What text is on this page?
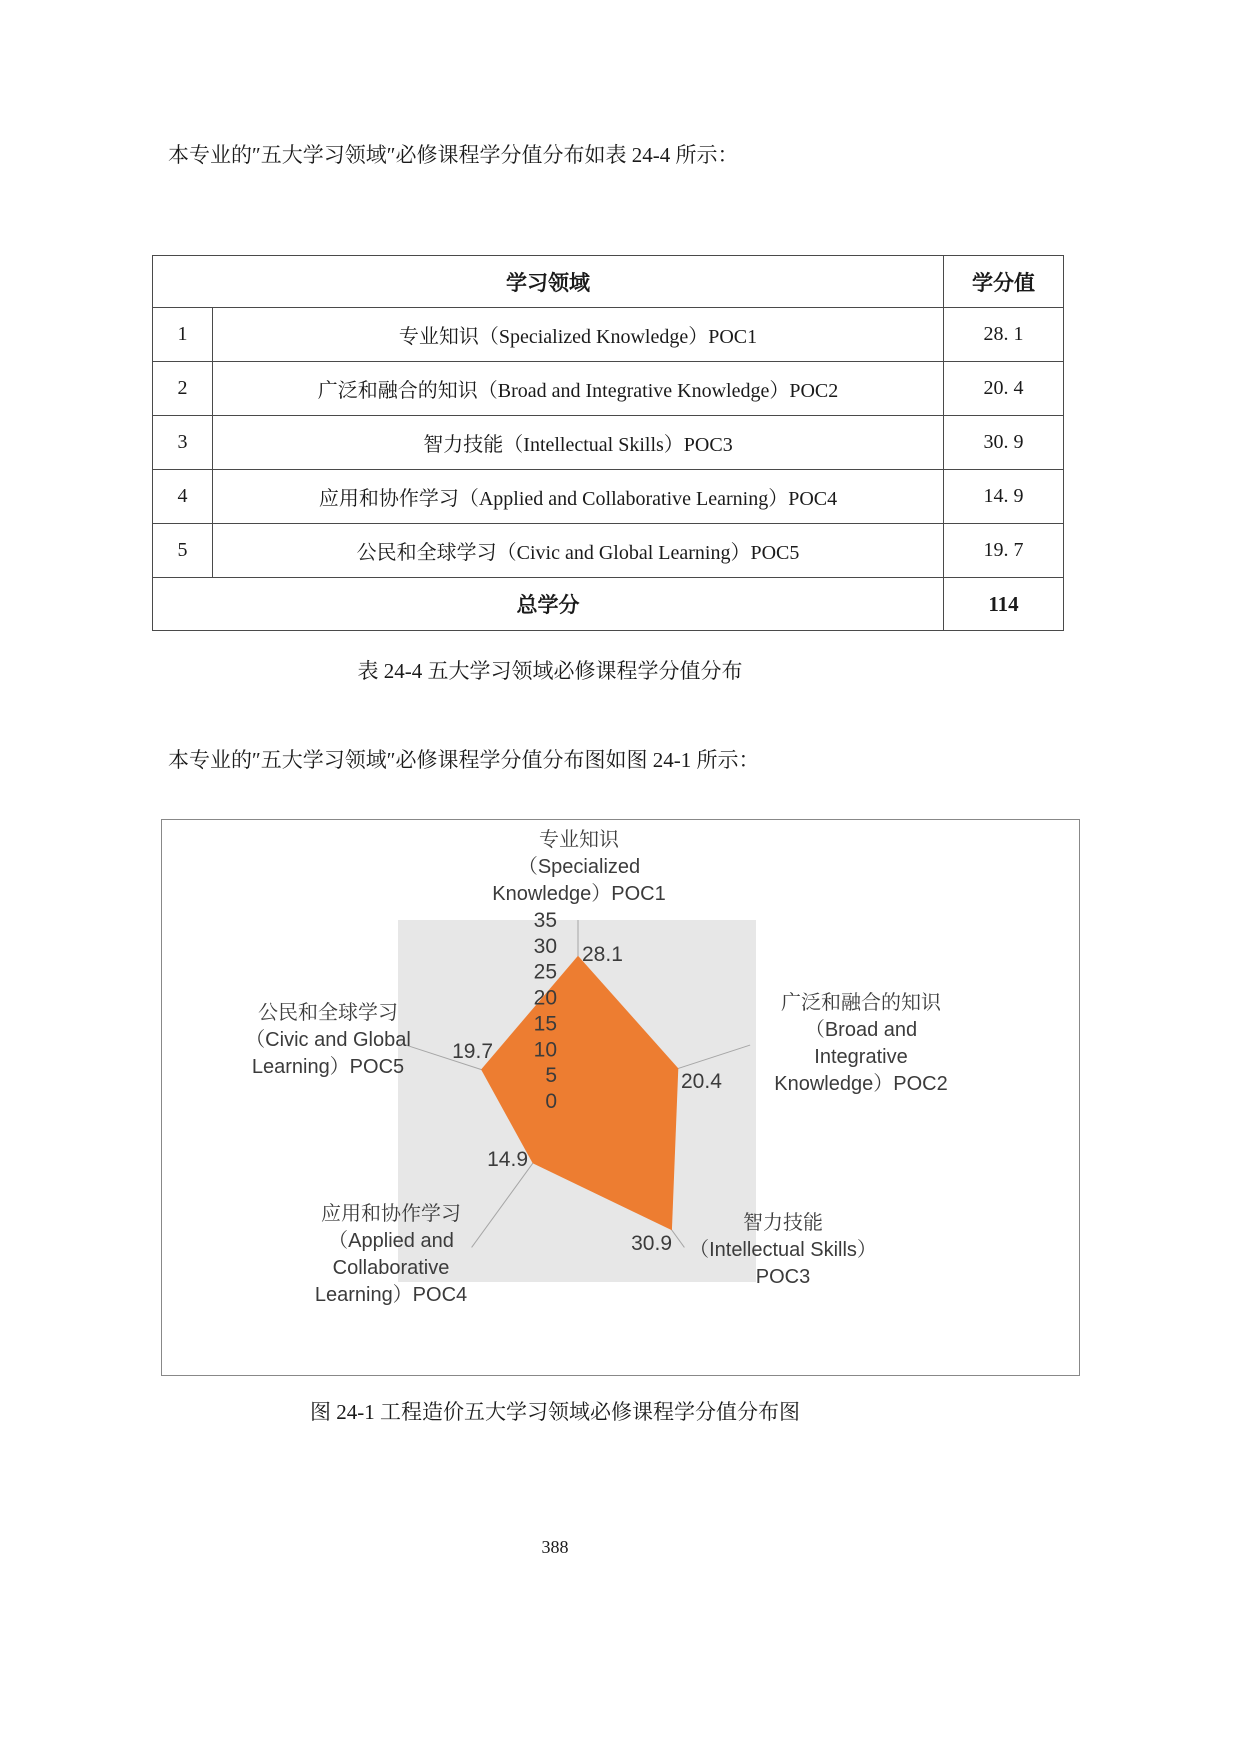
本专业的″五大学习领域″必修课程学分值分布如表 24-4 所示：
学习领域		学分值
1	专业知识（Specialized Knowledge）POC1	28. 1
2	广泛和融合的知识（Broad and Integrative Knowledge）POC2	20. 4
3	智力技能（Intellectual Skills）POC3	30. 9
4	应用和协作学习（Applied and Collaborative Learning）POC4	14. 9
5	公民和全球学习（Civic and Global Learning）POC5	19. 7
总学分		114
表 24-4 五大学习领域必修课程学分值分布
本专业的″五大学习领域″必修课程学分值分布图如图 24-1 所示：
35
30
25
20
15
10
5
0
28.1
20.4
30.9
14.9
19.7
专业知识
（Specialized
Knowledge）POC1
广泛和融合的知识
（Broad and
Integrative
Knowledge）POC2
智力技能
（Intellectual Skills）
POC3
应用和协作学习
（Applied and
Collaborative
Learning）POC4
公民和全球学习
（Civic and Global
Learning）POC5
图 24-1 工程造价五大学习领域必修课程学分值分布图
388
